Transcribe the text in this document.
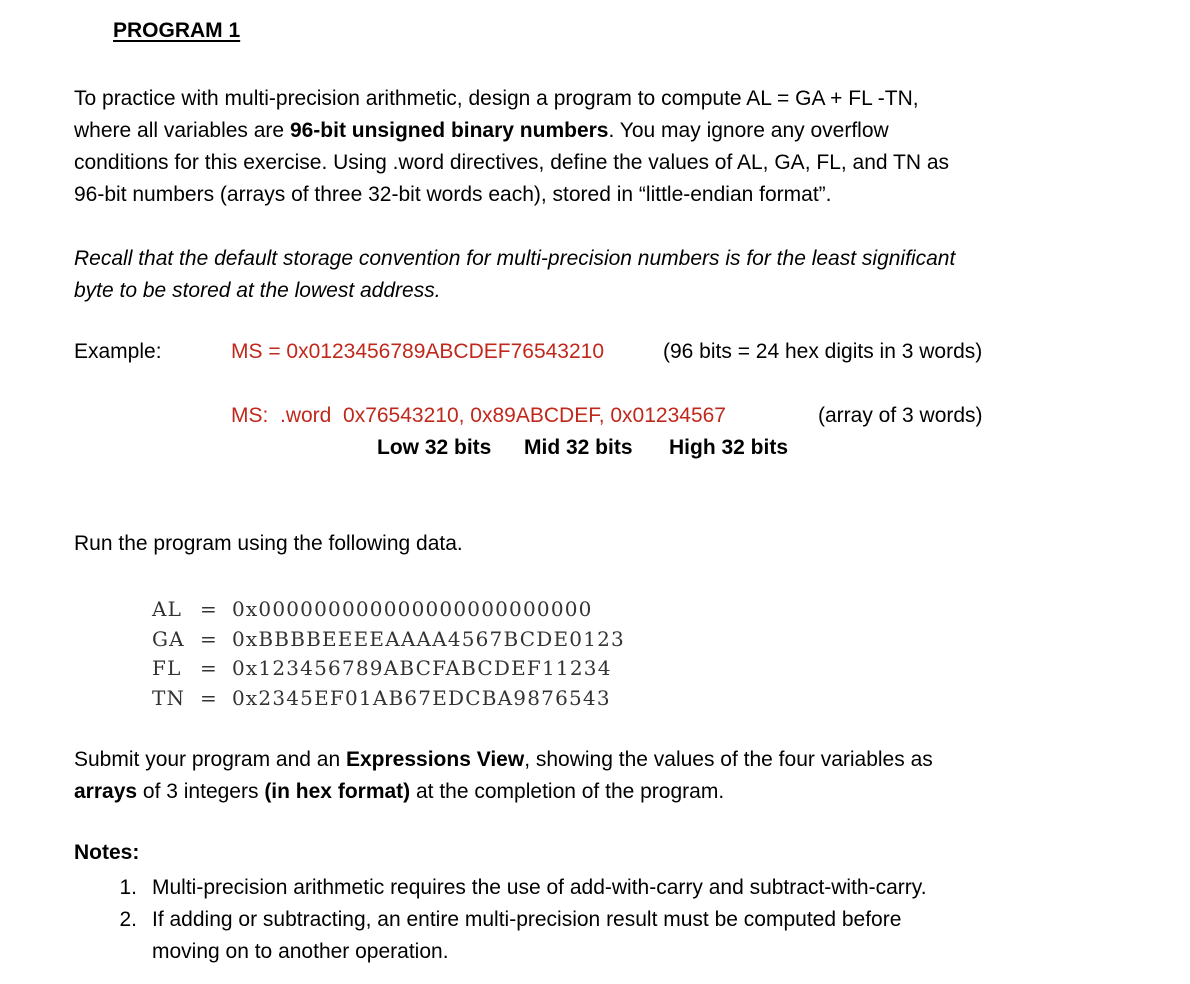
PROGRAM 1

To practice with multi-precision arithmetic, design a program to compute AL = GA + FL -TN,

where all variables are 96-bit unsigned binary numbers. You may ignore any overflow

conditions for this exercise. Using .word directives, define the values of AL, GA, FL, and TN as

96-bit numbers (arrays of three 32-bit words each), stored in “little-endian format”.

Recall that the default storage convention for multi-precision numbers is for the least significant

byte to be stored at the lowest address.

Example:	MS = 0x0123456789ABCDEF76543210	(96 bits = 24 hex digits in 3 words)
MS:  .word  0x76543210, 0x89ABCDEF, 0x01234567	(array of 3 words)
Low 32 bits Mid 32 bits High 32 bits
Run the program using the following data.
AL = 0x000000000000000000000000
GA = 0xBBBBEEEEAAAA4567BCDE0123
FL = 0x123456789ABCFABCDEF11234
TN = 0x2345EF01AB67EDCBA9876543

Submit your program and an Expressions View, showing the values of the four variables as

arrays of 3 integers (in hex format) at the completion of the program.

Notes:
1. Multi-precision arithmetic requires the use of add-with-carry and subtract-with-carry.
2. If adding or subtracting, an entire multi-precision result must be computed before
moving on to another operation.
